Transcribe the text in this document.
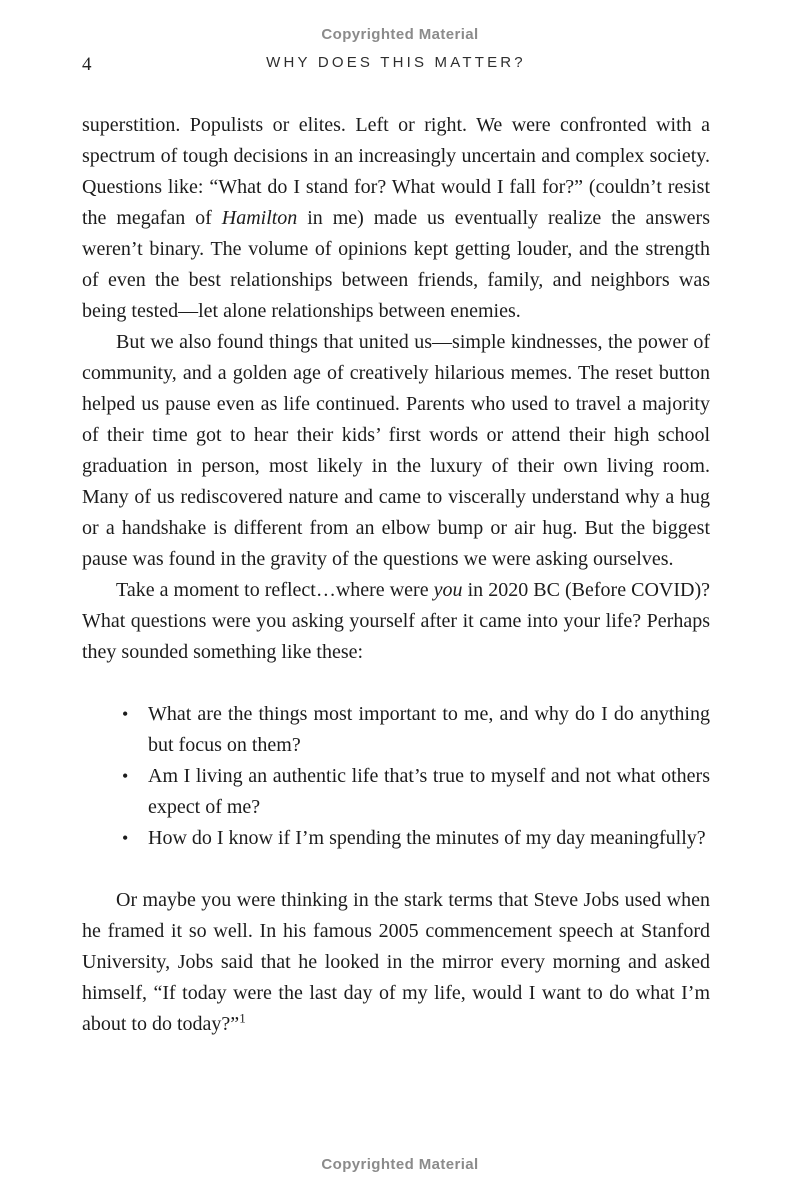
Copyrighted Material
4	WHY DOES THIS MATTER?

superstition. Populists or elites. Left or right. We were confronted with a spectrum of tough decisions in an increasingly uncertain and complex society. Questions like: “What do I stand for? What would I fall for?” (couldn’t resist the megafan of Hamilton in me) made us eventually realize the answers weren’t binary. The volume of opinions kept getting louder, and the strength of even the best relationships between friends, family, and neighbors was being tested—let alone relationships between enemies.

But we also found things that united us—simple kindnesses, the power of community, and a golden age of creatively hilarious memes. The reset button helped us pause even as life continued. Parents who used to travel a majority of their time got to hear their kids’ first words or attend their high school graduation in person, most likely in the luxury of their own living room. Many of us rediscovered nature and came to viscerally understand why a hug or a handshake is different from an elbow bump or air hug. But the biggest pause was found in the gravity of the questions we were asking ourselves.

Take a moment to reflect…where were you in 2020 BC (Before COVID)? What questions were you asking yourself after it came into your life? Perhaps they sounded something like these:

• What are the things most important to me, and why do I do anything but focus on them?
• Am I living an authentic life that’s true to myself and not what others expect of me?
• How do I know if I’m spending the minutes of my day meaningfully?

Or maybe you were thinking in the stark terms that Steve Jobs used when he framed it so well. In his famous 2005 commencement speech at Stanford University, Jobs said that he looked in the mirror every morning and asked himself, “If today were the last day of my life, would I want to do what I’m about to do today?”$^1$

Copyrighted Material
